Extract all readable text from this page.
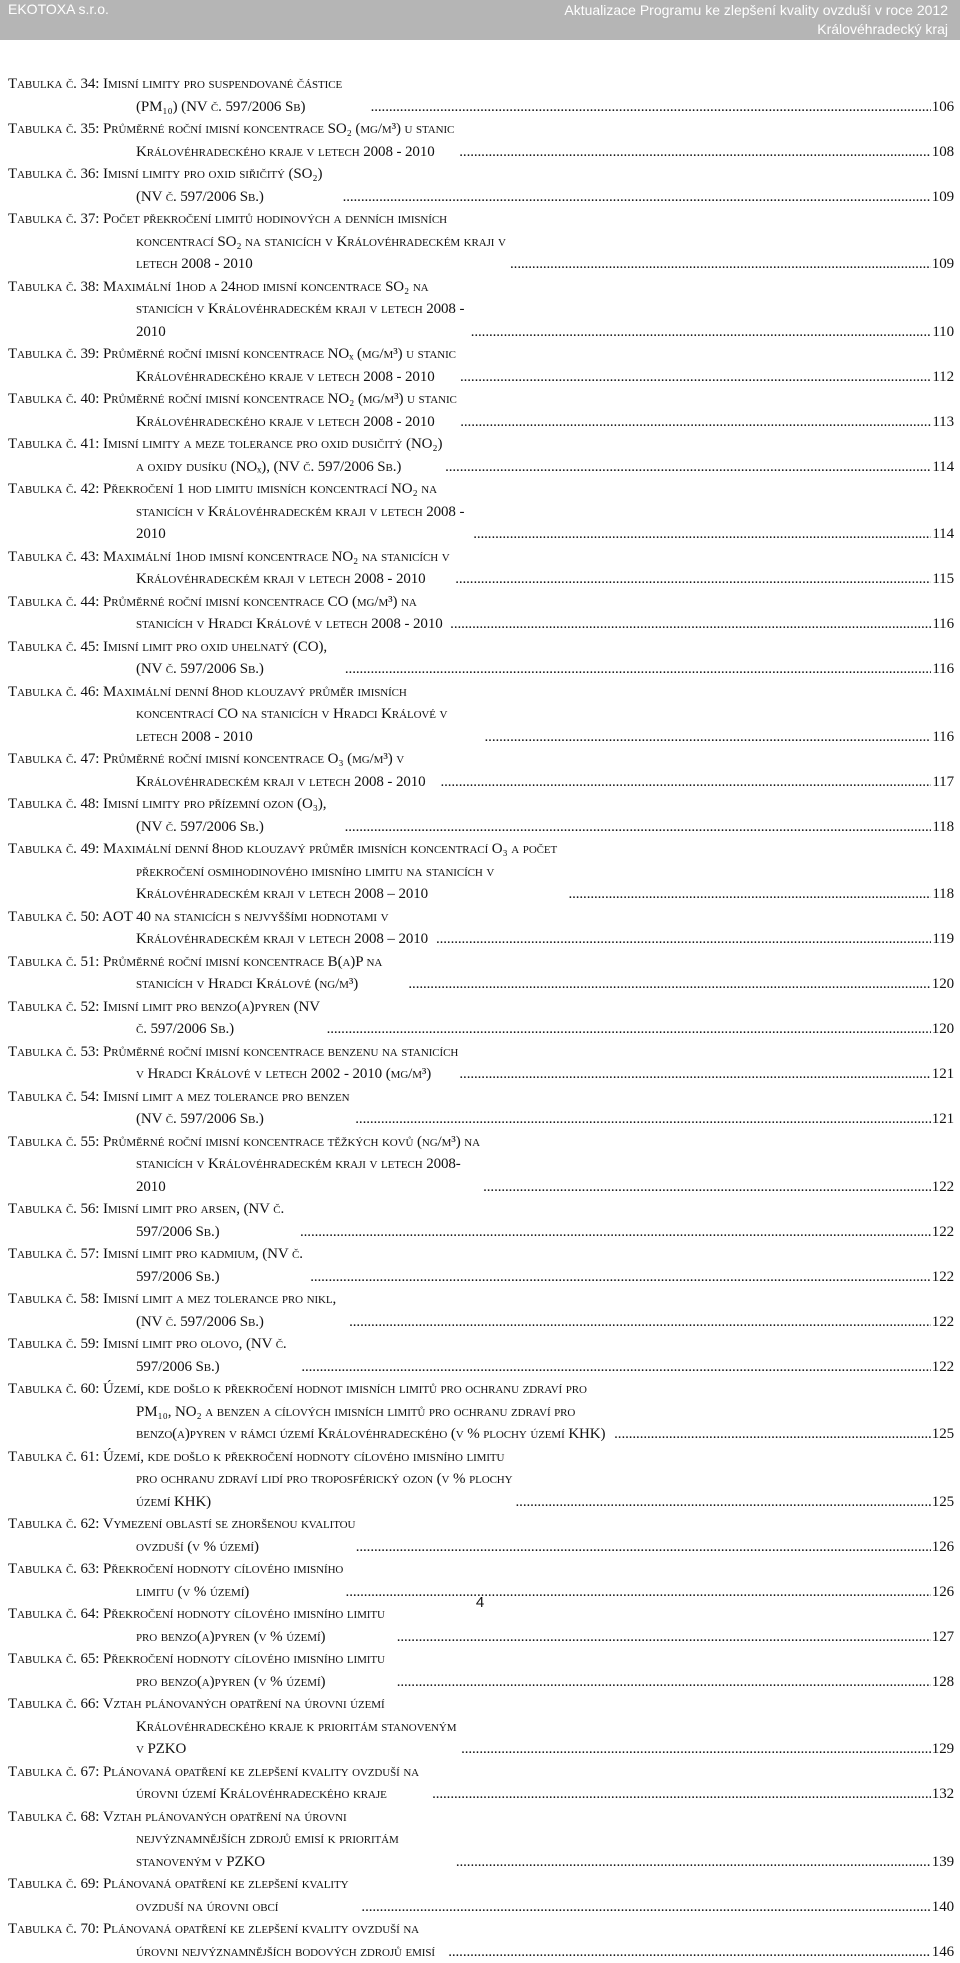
EKOTOXA s.r.o.	Aktualizace Programu ke zlepšení kvality ovzduší v roce 2012
Královéhradecký kraj
Tabulka č. 34: Imisní limity pro suspendované částice (PM₁₀) (NV č. 597/2006 Sb) .....	106
Tabulka č. 35: Průměrné roční imisní koncentrace SO₂ (µg/m³) u stanic Královéhradeckého kraje v letech 2008 - 2010 .....	108
Tabulka č. 36: Imisní limity pro oxid siřičitý (SO₂) (NV č. 597/2006 Sb.) .....	109
Tabulka č. 37: Počet překročení limitů hodinových a denních imisních koncentrací SO₂ na stanicích v Královéhradeckém kraji v letech 2008 - 2010 .....	109
Tabulka č. 38: Maximální 1hod a 24hod imisní koncentrace SO₂ na stanicích v Královéhradeckém kraji v letech 2008 - 2010 .....	110
Tabulka č. 39: Průměrné roční imisní koncentrace NOₓ (µg/m³) u stanic Královéhradeckého kraje v letech 2008 - 2010 .....	112
Tabulka č. 40: Průměrné roční imisní koncentrace NO₂ (µg/m³) u stanic Královéhradeckého kraje v letech 2008 - 2010 .....	113
Tabulka č. 41: Imisní limity a meze tolerance pro oxid dusičitý (NO₂) a oxidy dusíku (NOₓ), (NV č. 597/2006 Sb.) .....	114
Tabulka č. 42: Překročení 1 hod limitu imisních koncentrací NO₂ na stanicích v Královéhradeckém kraji v letech 2008 - 2010 .....	114
Tabulka č. 43: Maximální 1hod imisní koncentrace NO₂ na stanicích v Královéhradeckém kraji v letech 2008 - 2010 .....	115
Tabulka č. 44: Průměrné roční imisní koncentrace CO (µg/m³) na stanicích v Hradci Králové v letech 2008 - 2010 .....	116
Tabulka č. 45: Imisní limit pro oxid uhelnatý (CO), (NV č. 597/2006 Sb.) .....	116
Tabulka č. 46: Maximální denní 8hod klouzavý průměr imisních koncentrací CO na stanicích v Hradci Králové v letech 2008 - 2010 .....	116
Tabulka č. 47: Průměrné roční imisní koncentrace O₃ (µg/m³) v Královéhradeckém kraji v letech 2008 - 2010 .....	117
Tabulka č. 48: Imisní limity pro přízemní ozon (O₃), (NV č. 597/2006 Sb.) .....	118
Tabulka č. 49: Maximální denní 8hod klouzavý průměr imisních koncentrací O₃ a počet překročení osmihodinového imisního limitu na stanicích v Královéhradeckém kraji v letech 2008 – 2010 .....	118
Tabulka č. 50: AOT 40 na stanicích s nejvyššími hodnotami v Královéhradeckém kraji v letech 2008 – 2010 .....	119
Tabulka č. 51: Průměrné roční imisní koncentrace B(a)P na stanicích v Hradci Králové (ng/m³) .....	120
Tabulka č. 52: Imisní limit pro benzo(a)pyren (NV č. 597/2006 Sb.) .....	120
Tabulka č. 53: Průměrné roční imisní koncentrace benzenu na stanicích v Hradci Králové v letech 2002 - 2010 (µg/m³) .....	121
Tabulka č. 54: Imisní limit a mez tolerance pro benzen (NV č. 597/2006 Sb.) .....	121
Tabulka č. 55: Průměrné roční imisní koncentrace těžkých kovů (ng/m³) na stanicích v Královéhradeckém kraji v letech 2008-2010 .....	122
Tabulka č. 56: Imisní limit pro arsen, (NV č. 597/2006 Sb.) .....	122
Tabulka č. 57: Imisní limit pro kadmium, (NV č. 597/2006 Sb.) .....	122
Tabulka č. 58: Imisní limit a mez tolerance pro nikl, (NV č. 597/2006 Sb.) .....	122
Tabulka č. 59: Imisní limit pro olovo, (NV č. 597/2006 Sb.) .....	122
Tabulka č. 60: Území, kde došlo k překročení hodnot imisních limitů pro ochranu zdraví pro PM₁₀, NO₂ a benzen a cílových imisních limitů pro ochranu zdraví pro benzo(a)pyren v rámci území Královéhradeckého (v % plochy území KHK) .....	125
Tabulka č. 61: Území, kde došlo k překročení hodnoty cílového imisního limitu pro ochranu zdraví lidí pro troposférický ozon (v % plochy území KHK) .....	125
Tabulka č. 62: Vymezení oblastí se zhoršenou kvalitou ovzduší (v % území) .....	126
Tabulka č. 63: Překročení hodnoty cílového imisního limitu (v % území) .....	126
Tabulka č. 64: Překročení hodnoty cílového imisního limitu pro benzo(a)pyren (v % území) .....	127
Tabulka č. 65: Překročení hodnoty cílového imisního limitu pro benzo(a)pyren (v % území) .....	128
Tabulka č. 66: Vztah plánovaných opatření na úrovni území Královéhradeckého kraje k prioritám stanoveným v PZKO .....	129
Tabulka č. 67: Plánovaná opatření ke zlepšení kvality ovzduší na úrovni území Královéhradeckého kraje .....	132
Tabulka č. 68: Vztah plánovaných opatření na úrovni nejvýznamnějších zdrojů emisí k prioritám stanoveným v PZKO .....	139
Tabulka č. 69: Plánovaná opatření ke zlepšení kvality ovzduší na úrovni obcí .....	140
Tabulka č. 70: Plánovaná opatření ke zlepšení kvality ovzduší na úrovni nejvýznamnějších bodových zdrojů emisí .....	146
4
